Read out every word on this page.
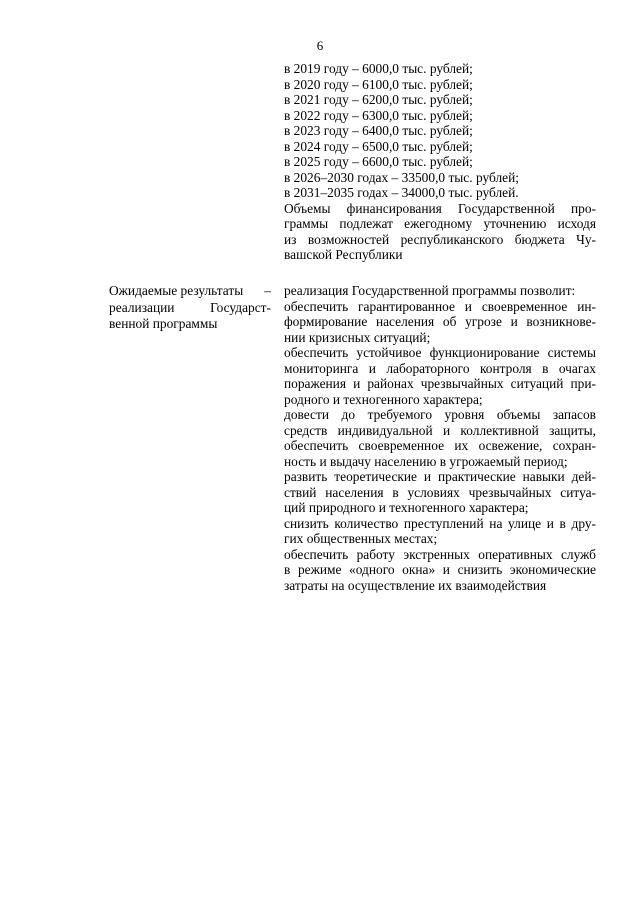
6
в 2019 году – 6000,0 тыс. рублей;
в 2020 году – 6100,0 тыс. рублей;
в 2021 году – 6200,0 тыс. рублей;
в 2022 году – 6300,0 тыс. рублей;
в 2023 году – 6400,0 тыс. рублей;
в 2024 году – 6500,0 тыс. рублей;
в 2025 году – 6600,0 тыс. рублей;
в 2026–2030 годах – 33500,0 тыс. рублей;
в 2031–2035 годах – 34000,0 тыс. рублей.
Объемы финансирования Государственной про-
граммы подлежат ежегодному уточнению исходя
из возможностей республиканского бюджета Чу-
вашской Республики
Ожидаемые результаты –
реализации Государст-
венной программы
реализация Государственной программы позволит:
обеспечить гарантированное и своевременное ин-
формирование населения об угрозе и возникнове-
нии кризисных ситуаций;
обеспечить устойчивое функционирование системы
мониторинга и лабораторного контроля в очагах
поражения и районах чрезвычайных ситуаций при-
родного и техногенного характера;
довести до требуемого уровня объемы запасов
средств индивидуальной и коллективной защиты,
обеспечить своевременное их освежение, сохран-
ность и выдачу населению в угрожаемый период;
развить теоретические и практические навыки дей-
ствий населения в условиях чрезвычайных ситуа-
ций природного и техногенного характера;
снизить количество преступлений на улице и в дру-
гих общественных местах;
обеспечить работу экстренных оперативных служб
в режиме «одного окна» и снизить экономические
затраты на осуществление их взаимодействия
